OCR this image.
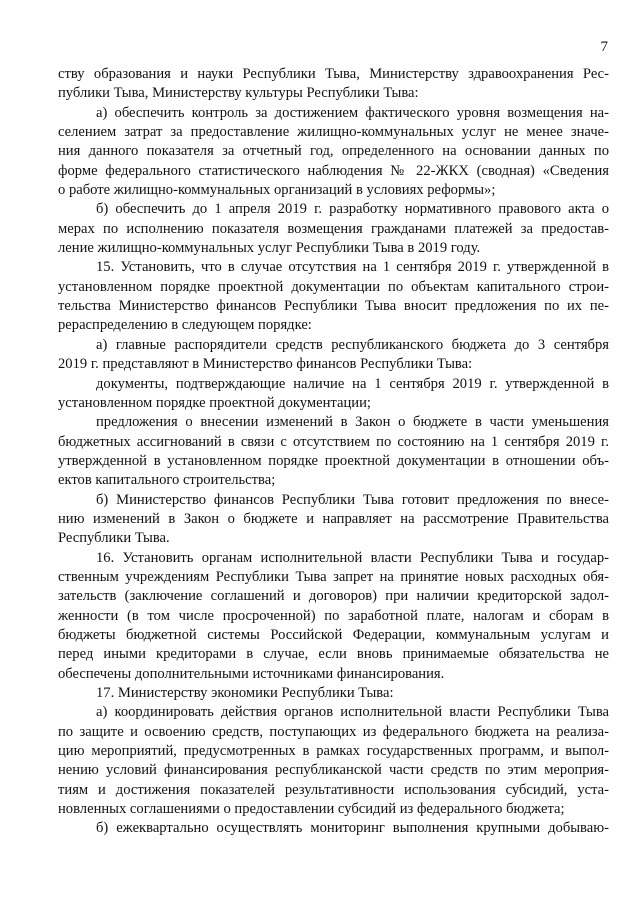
7

ству образования и науки Республики Тыва, Министерству здравоохранения Рес-
публики Тыва, Министерству культуры Республики Тыва:

а) обеспечить контроль за достижением фактического уровня возмещения на-
селением затрат за предоставление жилищно-коммунальных услуг не менее значе-
ния данного показателя за отчетный год, определенного на основании данных по
форме федерального статистического наблюдения № 22-ЖКХ (сводная) «Сведения
о работе жилищно-коммунальных организаций в условиях реформы»;

б) обеспечить до 1 апреля 2019 г. разработку нормативного правового акта о
мерах по исполнению показателя возмещения гражданами платежей за предостав-
ление жилищно-коммунальных услуг Республики Тыва в 2019 году.

15. Установить, что в случае отсутствия на 1 сентября 2019 г. утвержденной в
установленном порядке проектной документации по объектам капитального строи-
тельства Министерство финансов Республики Тыва вносит предложения по их пе-
рераспределению в следующем порядке:

а) главные распорядители средств республиканского бюджета до 3 сентября
2019 г. представляют в Министерство финансов Республики Тыва:

документы, подтверждающие наличие на 1 сентября 2019 г. утвержденной в
установленном порядке проектной документации;

предложения о внесении изменений в Закон о бюджете в части уменьшения
бюджетных ассигнований в связи с отсутствием по состоянию на 1 сентября 2019 г.
утвержденной в установленном порядке проектной документации в отношении объ-
ектов капитального строительства;

б) Министерство финансов Республики Тыва готовит предложения по внесе-
нию изменений в Закон о бюджете и направляет на рассмотрение Правительства
Республики Тыва.

16. Установить органам исполнительной власти Республики Тыва и государ-
ственным учреждениям Республики Тыва запрет на принятие новых расходных обя-
зательств (заключение соглашений и договоров) при наличии кредиторской задол-
женности (в том числе просроченной) по заработной плате, налогам и сборам в
бюджеты бюджетной системы Российской Федерации, коммунальным услугам и
перед иными кредиторами в случае, если вновь принимаемые обязательства не
обеспечены дополнительными источниками финансирования.

17. Министерству экономики Республики Тыва:

а) координировать действия органов исполнительной власти Республики Тыва
по защите и освоению средств, поступающих из федерального бюджета на реализа-
цию мероприятий, предусмотренных в рамках государственных программ, и выпол-
нению условий финансирования республиканской части средств по этим мероприя-
тиям и достижения показателей результативности использования субсидий, уста-
новленных соглашениями о предоставлении субсидий из федерального бюджета;

б) ежеквартально осуществлять мониторинг выполнения крупными добываю-
